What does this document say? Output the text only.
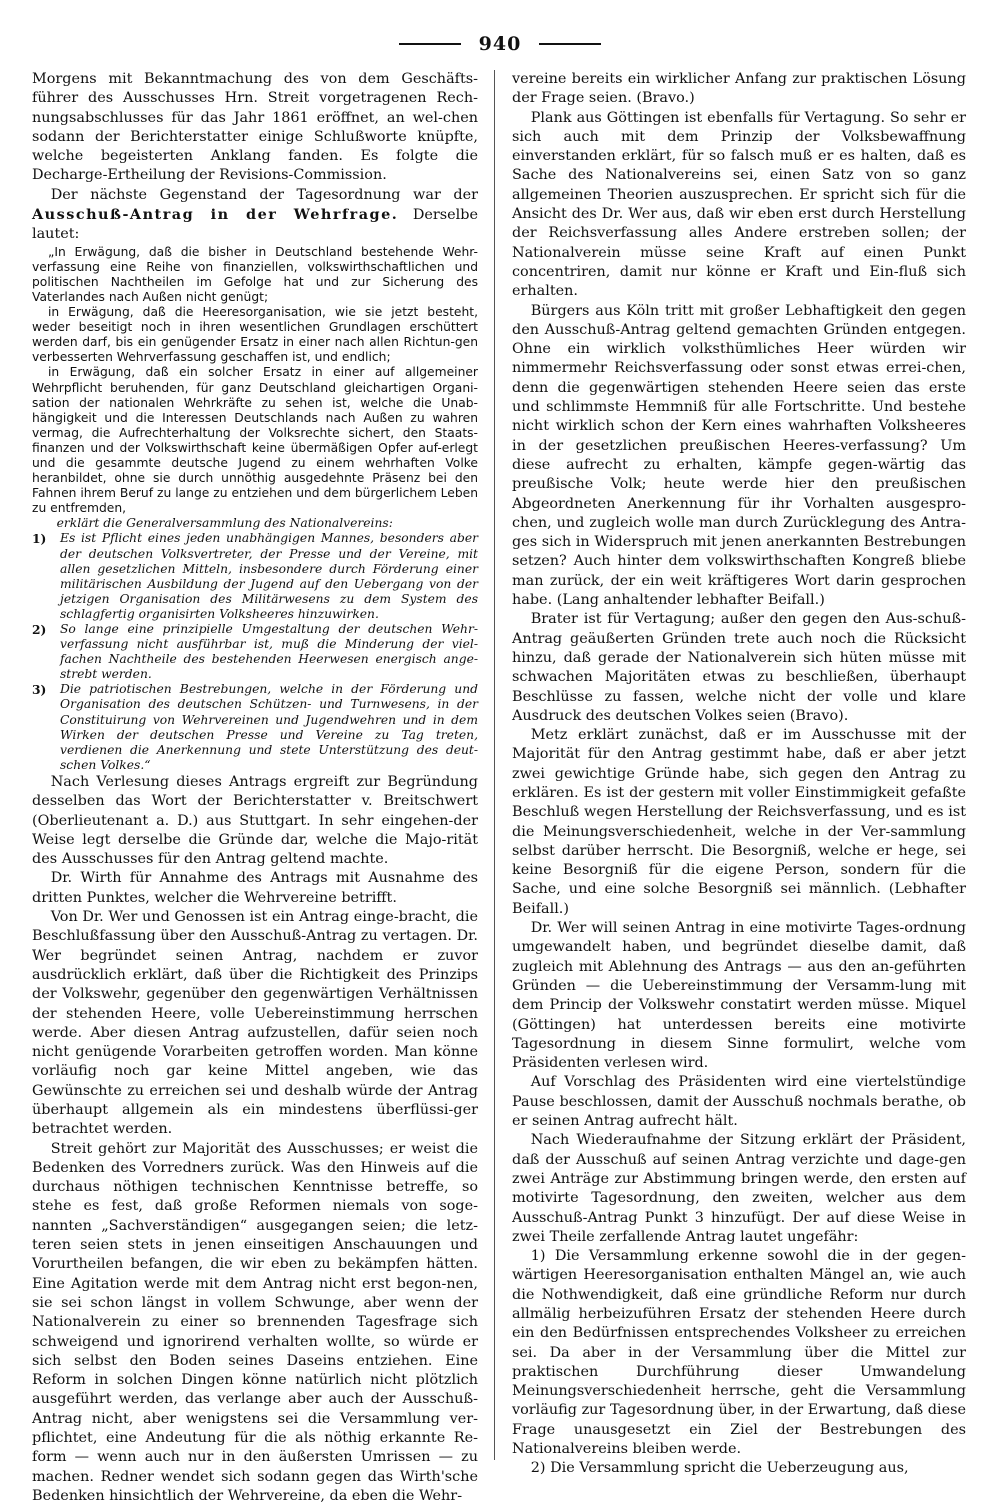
940

Morgens mit Bekanntmachung des von dem Geschäfts-führer des Ausschusses Hrn. Streit vorgetragenen Rech-nungsabschlusses für das Jahr 1861 eröffnet, an wel-chen sodann der Berichterstatter einige Schlußworte knüpfte, welche begeisterten Anklang fanden. Es folgte die Decharge-Ertheilung der Revisions-Commission.

Der nächste Gegenstand der Tagesordnung war der Ausschuß-Antrag in der Wehrfrage. Derselbe lautet:

„In Erwägung, daß die bisher in Deutschland bestehende Wehr-verfassung eine Reihe von finanziellen, volkswirthschaftlichen und politischen Nachtheilen im Gefolge hat und zur Sicherung des Vaterlandes nach Außen nicht genügt;

in Erwägung, daß die Heeresorganisation, wie sie jetzt besteht, weder beseitigt noch in ihren wesentlichen Grundlagen erschüttert werden darf, bis ein genügender Ersatz in einer nach allen Richtun-gen verbesserten Wehrverfassung geschaffen ist, und endlich;

in Erwägung, daß ein solcher Ersatz in einer auf allgemeiner Wehrpflicht beruhenden, für ganz Deutschland gleichartigen Organi-sation der nationalen Wehrkräfte zu sehen ist, welche die Unab-hängigkeit und die Interessen Deutschlands nach Außen zu wahren vermag, die Aufrechterhaltung der Volksrechte sichert, den Staats-finanzen und der Volkswirthschaft keine übermäßigen Opfer auf-erlegt und die gesammte deutsche Jugend zu einem wehrhaften Volke heranbildet, ohne sie durch unnöthig ausgedehnte Präsenz bei den Fahnen ihrem Beruf zu lange zu entziehen und dem bürgerlichem Leben zu entfremden,

erklärt die Generalversammlung des Nationalvereins:

1)	Es ist Pflicht eines jeden unabhängigen Mannes, besonders aber der deutschen Volksvertreter, der Presse und der Vereine, mit allen gesetzlichen Mitteln, insbesondere durch Förderung einer militärischen Ausbildung der Jugend auf den Uebergang von der jetzigen Organisation des Militärwesens zu dem System des schlagfertig organisirten Volksheeres hinzuwirken.
2)	So lange eine prinzipielle Umgestaltung der deutschen Wehr-verfassung nicht ausführbar ist, muß die Minderung der viel-fachen Nachtheile des bestehenden Heerwesen energisch ange-strebt werden.
3)	Die patriotischen Bestrebungen, welche in der Förderung und Organisation des deutschen Schützen- und Turnwesens, in der Constituirung von Wehrvereinen und Jugendwehren und in dem Wirken der deutschen Presse und Vereine zu Tag treten, verdienen die Anerkennung und stete Unterstützung des deut-schen Volkes.“

Nach Verlesung dieses Antrags ergreift zur Begründung desselben das Wort der Berichterstatter v. Breitschwert (Oberlieutenant a. D.) aus Stuttgart. In sehr eingehen-der Weise legt derselbe die Gründe dar, welche die Majo-rität des Ausschusses für den Antrag geltend machte.

Dr. Wirth für Annahme des Antrags mit Ausnahme des dritten Punktes, welcher die Wehrvereine betrifft.

Von Dr. Wer und Genossen ist ein Antrag einge-bracht, die Beschlußfassung über den Ausschuß-Antrag zu vertagen. Dr. Wer begründet seinen Antrag, nachdem er zuvor ausdrücklich erklärt, daß über die Richtigkeit des Prinzips der Volkswehr, gegenüber den gegenwärtigen Verhältnissen der stehenden Heere, volle Uebereinstimmung herrschen werde. Aber diesen Antrag aufzustellen, dafür seien noch nicht genügende Vorarbeiten getroffen worden. Man könne vorläufig noch gar keine Mittel angeben, wie das Gewünschte zu erreichen sei und deshalb würde der Antrag überhaupt allgemein als ein mindestens überflüssi-ger betrachtet werden.

Streit gehört zur Majorität des Ausschusses; er weist die Bedenken des Vorredners zurück. Was den Hinweis auf die durchaus nöthigen technischen Kenntnisse betreffe, so stehe es fest, daß große Reformen niemals von soge-nannten „Sachverständigen“ ausgegangen seien; die letz-teren seien stets in jenen einseitigen Anschauungen und Vorurtheilen befangen, die wir eben zu bekämpfen hätten. Eine Agitation werde mit dem Antrag nicht erst begon-nen, sie sei schon längst in vollem Schwunge, aber wenn der Nationalverein zu einer so brennenden Tagesfrage sich schweigend und ignorirend verhalten wollte, so würde er sich selbst den Boden seines Daseins entziehen. Eine Reform in solchen Dingen könne natürlich nicht plötzlich ausgeführt werden, das verlange aber auch der Ausschuß-Antrag nicht, aber wenigstens sei die Versammlung ver-pflichtet, eine Andeutung für die als nöthig erkannte Re-form — wenn auch nur in den äußersten Umrissen — zu machen. Redner wendet sich sodann gegen das Wirth'sche Bedenken hinsichtlich der Wehrvereine, da eben die Wehr-

vereine bereits ein wirklicher Anfang zur praktischen Lösung der Frage seien. (Bravo.)

Plank aus Göttingen ist ebenfalls für Vertagung. So sehr er sich auch mit dem Prinzip der Volksbewaffnung einverstanden erklärt, für so falsch muß er es halten, daß es Sache des Nationalvereins sei, einen Satz von so ganz allgemeinen Theorien auszusprechen. Er spricht sich für die Ansicht des Dr. Wer aus, daß wir eben erst durch Herstellung der Reichsverfassung alles Andere erstreben sollen; der Nationalverein müsse seine Kraft auf einen Punkt concentriren, damit nur könne er Kraft und Ein-fluß sich erhalten.

Bürgers aus Köln tritt mit großer Lebhaftigkeit den gegen den Ausschuß-Antrag geltend gemachten Gründen entgegen. Ohne ein wirklich volksthümliches Heer würden wir nimmermehr Reichsverfassung oder sonst etwas errei-chen, denn die gegenwärtigen stehenden Heere seien das erste und schlimmste Hemmniß für alle Fortschritte. Und bestehe nicht wirklich schon der Kern eines wahrhaften Volksheeres in der gesetzlichen preußischen Heeres-verfassung? Um diese aufrecht zu erhalten, kämpfe gegen-wärtig das preußische Volk; heute werde hier den preußischen Abgeordneten Anerkennung für ihr Vorhalten ausgespro-chen, und zugleich wolle man durch Zurücklegung des Antra-ges sich in Widerspruch mit jenen anerkannten Bestrebungen setzen? Auch hinter dem volkswirthschaften Kongreß bliebe man zurück, der ein weit kräftigeres Wort darin gesprochen habe. (Lang anhaltender lebhafter Beifall.)

Brater ist für Vertagung; außer den gegen den Aus-schuß-Antrag geäußerten Gründen trete auch noch die Rücksicht hinzu, daß gerade der Nationalverein sich hüten müsse mit schwachen Majoritäten etwas zu beschließen, überhaupt Beschlüsse zu fassen, welche nicht der volle und klare Ausdruck des deutschen Volkes seien (Bravo).

Metz erklärt zunächst, daß er im Ausschusse mit der Majorität für den Antrag gestimmt habe, daß er aber jetzt zwei gewichtige Gründe habe, sich gegen den Antrag zu erklären. Es ist der gestern mit voller Einstimmigkeit gefaßte Beschluß wegen Herstellung der Reichsverfassung, und es ist die Meinungsverschiedenheit, welche in der Ver-sammlung selbst darüber herrscht. Die Besorgniß, welche er hege, sei keine Besorgniß für die eigene Person, sondern für die Sache, und eine solche Besorgniß sei männlich. (Lebhafter Beifall.)

Dr. Wer will seinen Antrag in eine motivirte Tages-ordnung umgewandelt haben, und begründet dieselbe damit, daß zugleich mit Ablehnung des Antrags — aus den an-geführten Gründen — die Uebereinstimmung der Versamm-lung mit dem Princip der Volkswehr constatirt werden müsse. Miquel (Göttingen) hat unterdessen bereits eine motivirte Tagesordnung in diesem Sinne formulirt, welche vom Präsidenten verlesen wird.

Auf Vorschlag des Präsidenten wird eine viertelstündige Pause beschlossen, damit der Ausschuß nochmals berathe, ob er seinen Antrag aufrecht hält.

Nach Wiederaufnahme der Sitzung erklärt der Präsident, daß der Ausschuß auf seinen Antrag verzichte und dage-gen zwei Anträge zur Abstimmung bringen werde, den ersten auf motivirte Tagesordnung, den zweiten, welcher aus dem Ausschuß-Antrag Punkt 3 hinzufügt. Der auf diese Weise in zwei Theile zerfallende Antrag lautet ungefähr:

1) Die Versammlung erkenne sowohl die in der gegen-wärtigen Heeresorganisation enthalten Mängel an, wie auch die Nothwendigkeit, daß eine gründliche Reform nur durch allmälig herbeizuführen Ersatz der stehenden Heere durch ein den Bedürfnissen entsprechendes Volksheer zu erreichen sei. Da aber in der Versammlung über die Mittel zur praktischen Durchführung dieser Umwandelung Meinungsverschiedenheit herrsche, geht die Versammlung vorläufig zur Tagesordnung über, in der Erwartung, daß diese Frage unausgesetzt ein Ziel der Bestrebungen des Nationalvereins bleiben werde.

2) Die Versammlung spricht die Ueberzeugung aus,
